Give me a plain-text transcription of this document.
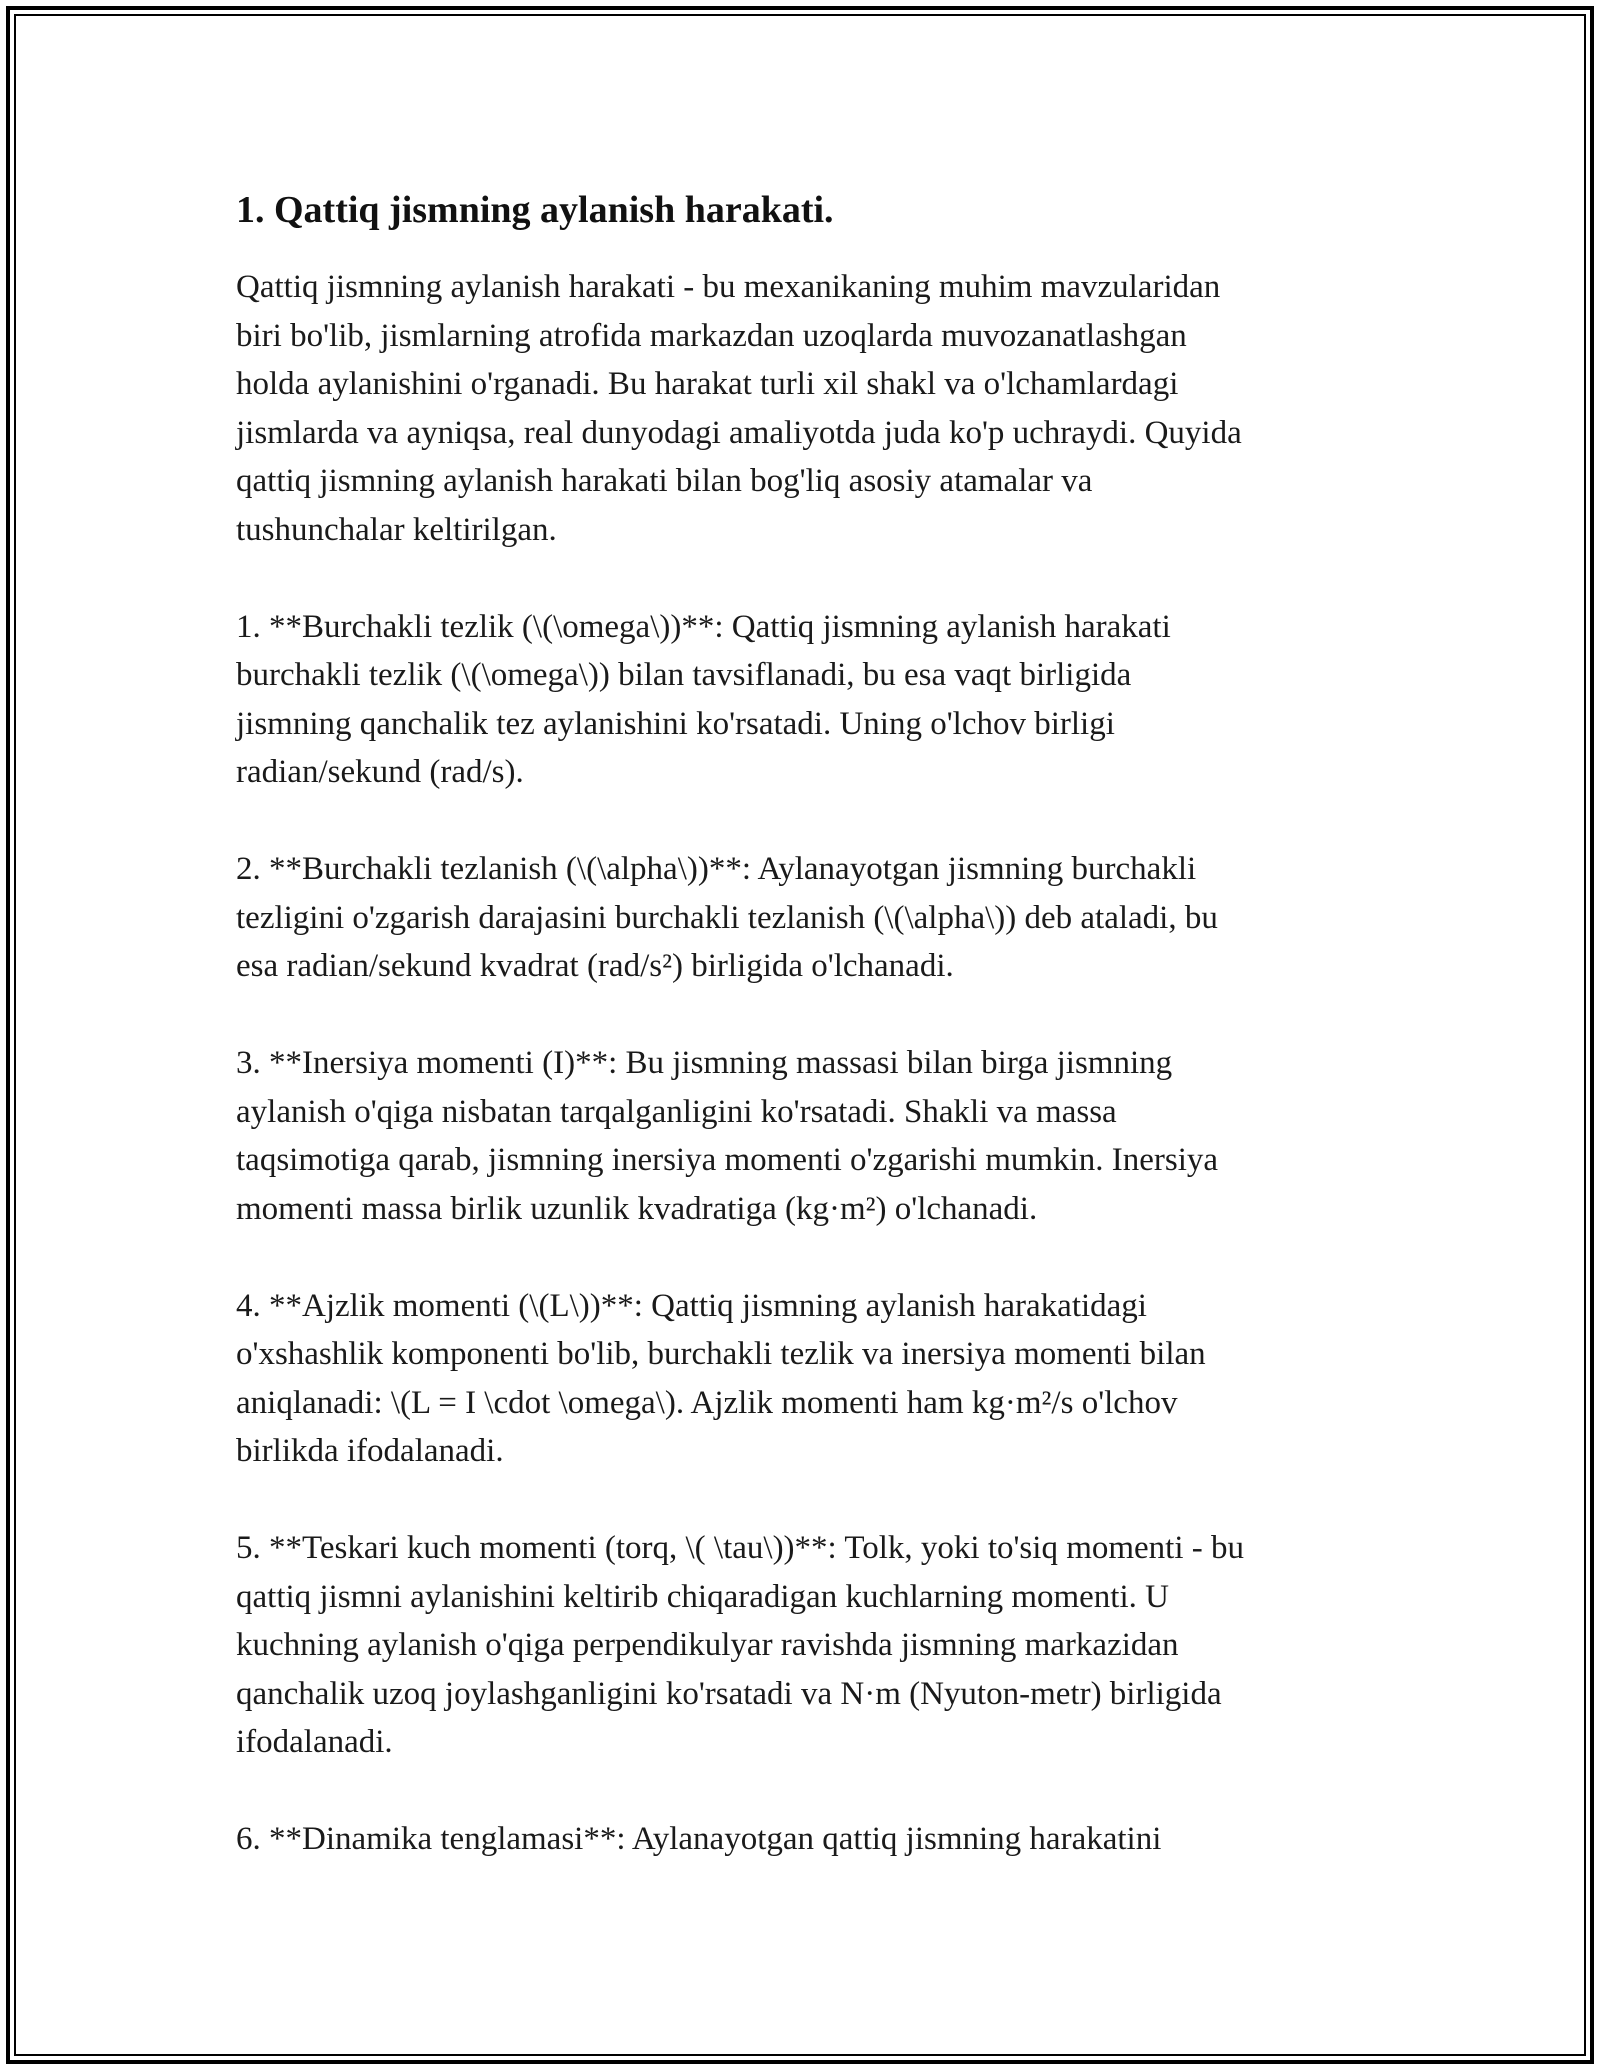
1. Qattiq jismning aylanish harakati.

Qattiq jismning aylanish harakati - bu mexanikaning muhim mavzularidan
biri bo'lib, jismlarning atrofida markazdan uzoqlarda muvozanatlashgan
holda aylanishini o'rganadi. Bu harakat turli xil shakl va o'lchamlardagi
jismlarda va ayniqsa, real dunyodagi amaliyotda juda ko'p uchraydi. Quyida
qattiq jismning aylanish harakati bilan bog'liq asosiy atamalar va
tushunchalar keltirilgan.

1. **Burchakli tezlik (\(\omega\))**: Qattiq jismning aylanish harakati
burchakli tezlik (\(\omega\)) bilan tavsiflanadi, bu esa vaqt birligida
jismning qanchalik tez aylanishini ko'rsatadi. Uning o'lchov birligi
radian/sekund (rad/s).

2. **Burchakli tezlanish (\(\alpha\))**: Aylanayotgan jismning burchakli
tezligini o'zgarish darajasini burchakli tezlanish (\(\alpha\)) deb ataladi, bu
esa radian/sekund kvadrat (rad/s²) birligida o'lchanadi.

3. **Inersiya momenti (I)**: Bu jismning massasi bilan birga jismning
aylanish o'qiga nisbatan tarqalganligini ko'rsatadi. Shakli va massa
taqsimotiga qarab, jismning inersiya momenti o'zgarishi mumkin. Inersiya
momenti massa birlik uzunlik kvadratiga (kg·m²) o'lchanadi.

4. **Ajzlik momenti (\(L\))**: Qattiq jismning aylanish harakatidagi
o'xshashlik komponenti bo'lib, burchakli tezlik va inersiya momenti bilan
aniqlanadi: \(L = I \cdot \omega\). Ajzlik momenti ham kg·m²/s o'lchov
birlikda ifodalanadi.

5. **Teskari kuch momenti (torq, \( \tau\))**: Tolk, yoki to'siq momenti - bu
qattiq jismni aylanishini keltirib chiqaradigan kuchlarning momenti. U
kuchning aylanish o'qiga perpendikulyar ravishda jismning markazidan
qanchalik uzoq joylashganligini ko'rsatadi va N·m (Nyuton-metr) birligida
ifodalanadi.

6. **Dinamika tenglamasi**: Aylanayotgan qattiq jismning harakatini
